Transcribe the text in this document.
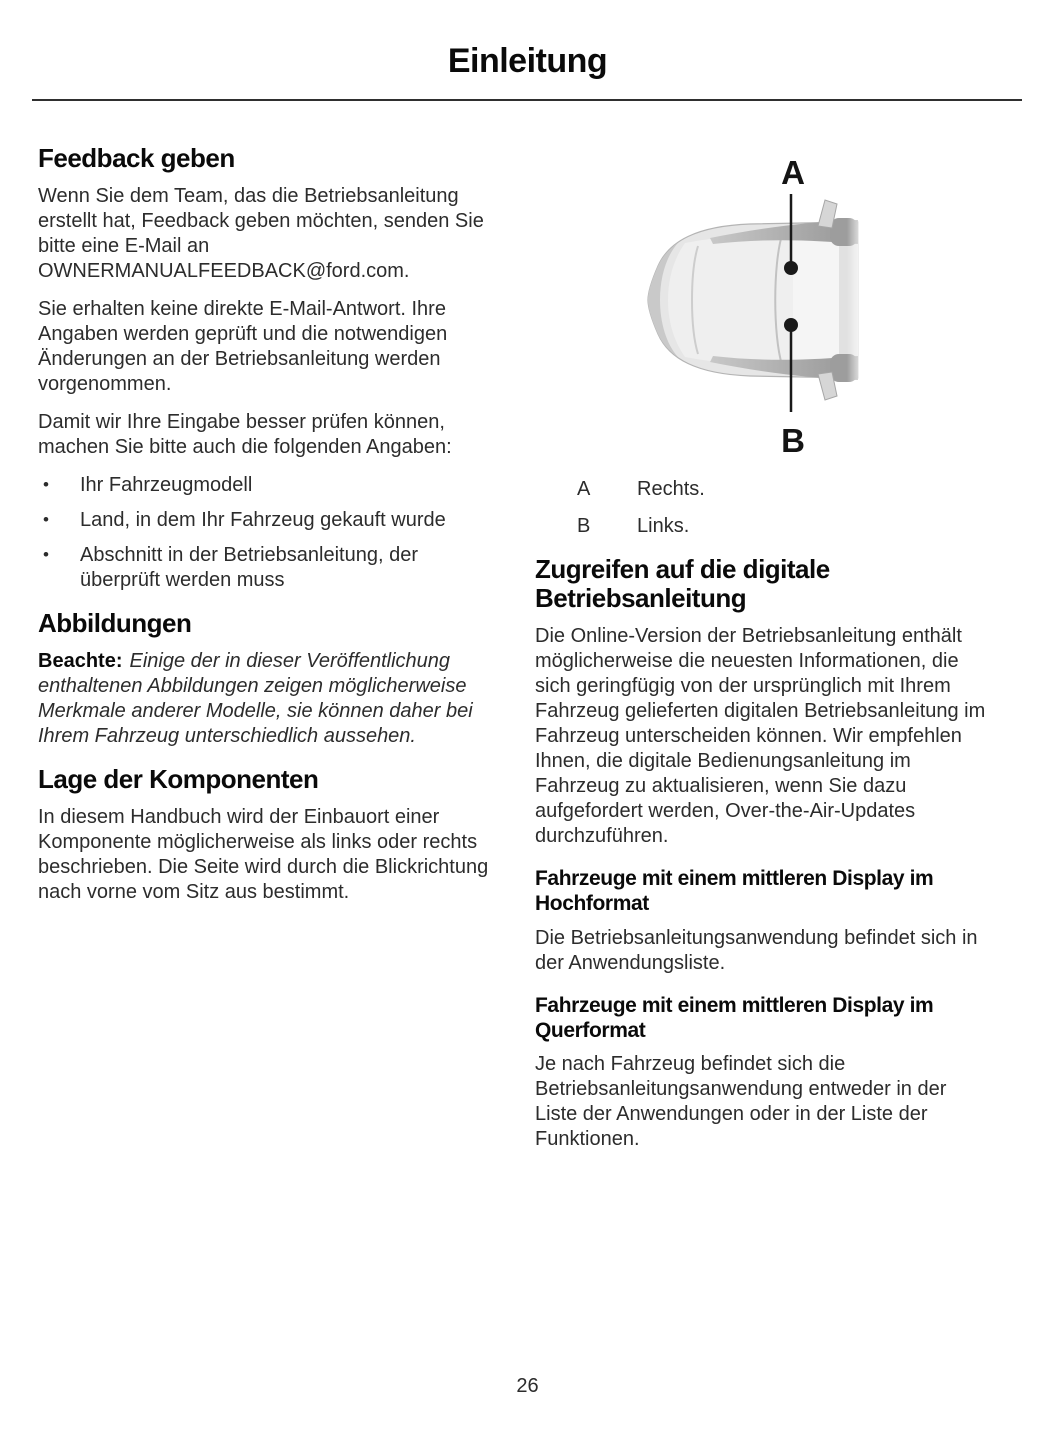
Einleitung
Feedback geben

Wenn Sie dem Team, das die Betriebsanleitung erstellt hat, Feedback geben möchten, senden Sie bitte eine E-Mail an OWNERMANUALFEEDBACK@ford.com.

Sie erhalten keine direkte E-Mail-Antwort. Ihre Angaben werden geprüft und die notwendigen Änderungen an der Betriebsanleitung werden vorgenommen.

Damit wir Ihre Eingabe besser prüfen können, machen Sie bitte auch die folgenden Angaben:

• Ihr Fahrzeugmodell
• Land, in dem Ihr Fahrzeug gekauft wurde
• Abschnitt in der Betriebsanleitung, der überprüft werden muss
Abbildungen

Beachte: Einige der in dieser Veröffentlichung enthaltenen Abbildungen zeigen möglicherweise Merkmale anderer Modelle, sie können daher bei Ihrem Fahrzeug unterschiedlich aussehen.

Lage der Komponenten

In diesem Handbuch wird der Einbauort einer Komponente möglicherweise als links oder rechts beschrieben. Die Seite wird durch die Blickrichtung nach vorne vom Sitz aus bestimmt.

A
B
A Rechts.
B Links.
Zugreifen auf die digitale Betriebsanleitung

Die Online-Version der Betriebsanleitung enthält möglicherweise die neuesten Informationen, die sich geringfügig von der ursprünglich mit Ihrem Fahrzeug gelieferten digitalen Betriebsanleitung im Fahrzeug unterscheiden können. Wir empfehlen Ihnen, die digitale Bedienungsanleitung im Fahrzeug zu aktualisieren, wenn Sie dazu aufgefordert werden, Over-the-Air-Updates durchzuführen.

Fahrzeuge mit einem mittleren Display im Hochformat

Die Betriebsanleitungsanwendung befindet sich in der Anwendungsliste.

Fahrzeuge mit einem mittleren Display im Querformat

Je nach Fahrzeug befindet sich die Betriebsanleitungsanwendung entweder in der Liste der Anwendungen oder in der Liste der Funktionen.

26
